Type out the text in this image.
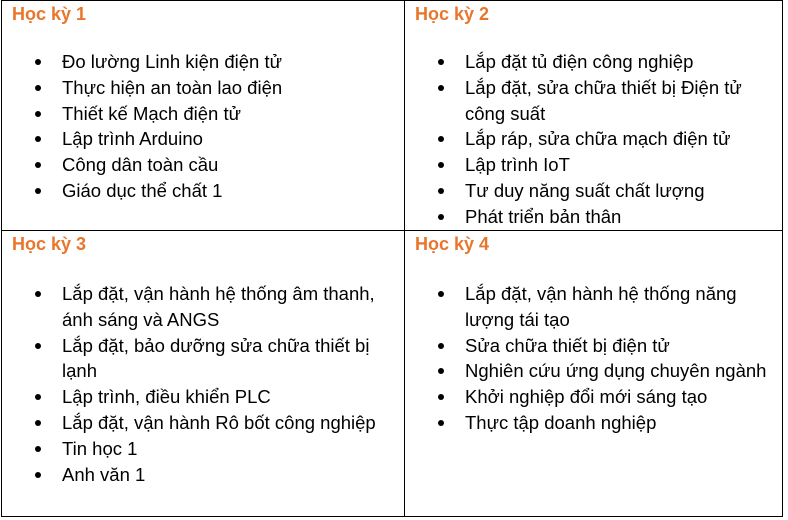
Học kỳ 1
Đo lường Linh kiện điện tử
Thực hiện an toàn lao điện
Thiết kế Mạch điện tử
Lập trình Arduino
Công dân toàn cầu
Giáo dục thể chất 1
Học kỳ 2
Lắp đặt tủ điện công nghiệp
Lắp đặt, sửa chữa thiết bị Điện tử công suất
Lắp ráp, sửa chữa mạch điện tử
Lập trình IoT
Tư duy năng suất chất lượng
Phát triển bản thân
Học kỳ 3
Lắp đặt, vận hành hệ thống âm thanh, ánh sáng và ANGS
Lắp đặt, bảo dưỡng sửa chữa thiết bị lạnh
Lập trình, điều khiển PLC
Lắp đặt, vận hành Rô bốt công nghiệp
Tin học 1
Anh văn 1
Học kỳ 4
Lắp đặt, vận hành hệ thống năng lượng tái tạo
Sửa chữa thiết bị điện tử
Nghiên cứu ứng dụng chuyên ngành
Khởi nghiệp đổi mới sáng tạo
Thực tập doanh nghiệp
